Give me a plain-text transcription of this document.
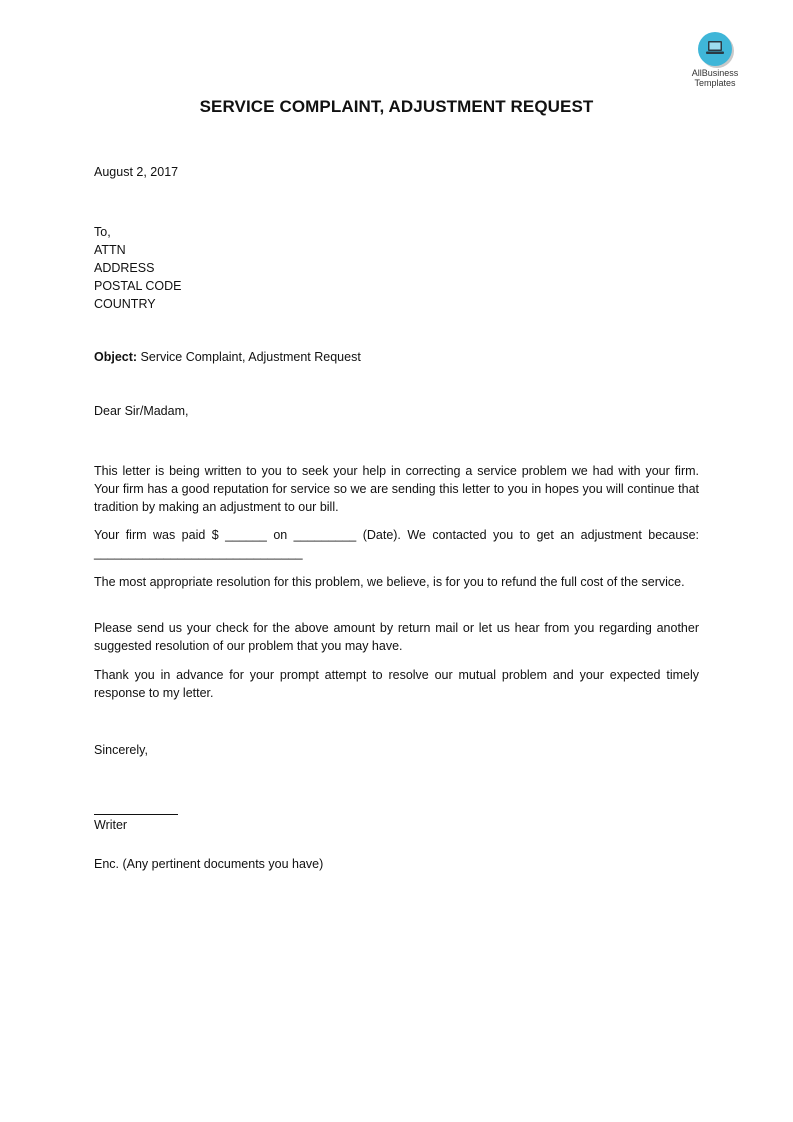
AllBusiness
Templates
SERVICE COMPLAINT, ADJUSTMENT REQUEST
August 2, 2017
To,
ATTN
ADDRESS
POSTAL CODE
COUNTRY
Object: Service Complaint, Adjustment Request
Dear Sir/Madam,
This letter is being written to you to seek your help in correcting a service problem we had with your firm. Your firm has a good reputation for service so we are sending this letter to you in hopes you will continue that tradition by making an adjustment to our bill.
Your firm was paid $ ______ on _________ (Date). We contacted you to get an adjustment because: ______________________________
The most appropriate resolution for this problem, we believe, is for you to refund the full cost of the service.
Please send us your check for the above amount by return mail or let us hear from you regarding another suggested resolution of our problem that you may have.
Thank you in advance for your prompt attempt to resolve our mutual problem and your expected timely response to my letter.
Sincerely,
Writer
Enc. (Any pertinent documents you have)
